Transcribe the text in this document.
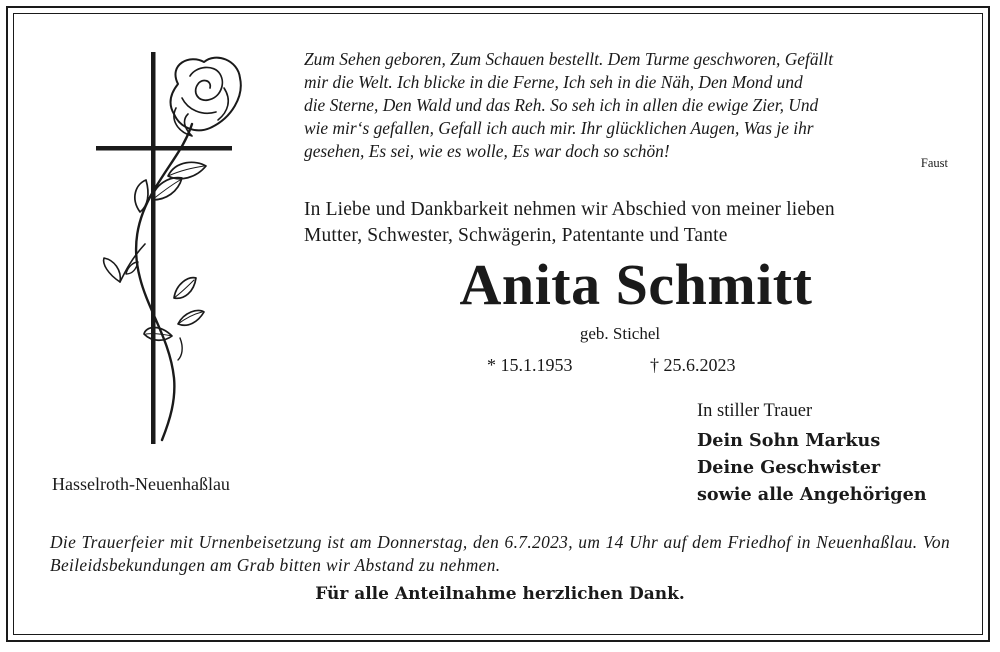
Zum Sehen geboren, Zum Schauen bestellt. Dem Turme geschworen, Gefällt
mir die Welt. Ich blicke in die Ferne, Ich seh in die Näh, Den Mond und
die Sterne, Den Wald und das Reh. So seh ich in allen die ewige Zier, Und
wie mir‘s gefallen, Gefall ich auch mir. Ihr glücklichen Augen, Was je ihr
gesehen, Es sei, wie es wolle, Es war doch so schön!
Faust
In Liebe und Dankbarkeit nehmen wir Abschied von meiner lieben
Mutter, Schwester, Schwägerin, Patentante und Tante
Anita Schmitt
geb. Stichel
* 15.1.1953	† 25.6.2023
In stiller Trauer
Dein Sohn Markus
Deine Geschwister
sowie alle Angehörigen
Hasselroth-Neuenhaßlau
Die Trauerfeier mit Urnenbeisetzung ist am Donnerstag, den 6.7.2023, um 14 Uhr auf dem Friedhof in Neuenhaßlau. Von Beileidsbekundungen am Grab bitten wir Abstand zu nehmen.
Für alle Anteilnahme herzlichen Dank.
